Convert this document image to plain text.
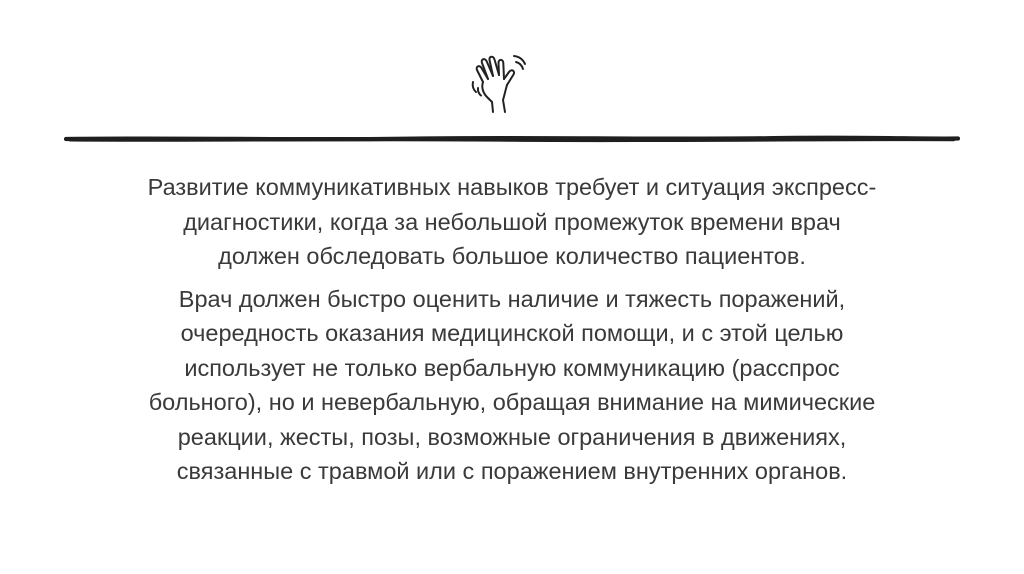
Развитие коммуникативных навыков требует и ситуация экспресс-
диагностики, когда за небольшой промежуток времени врач
должен обследовать большое количество пациентов.

Врач должен быстро оценить наличие и тяжесть поражений,
очередность оказания медицинской помощи, и с этой целью
использует не только вербальную коммуникацию (расспрос
больного), но и невербальную, обращая внимание на мимические
реакции, жесты, позы, возможные ограничения в движениях,
связанные с травмой или с поражением внутренних органов.
